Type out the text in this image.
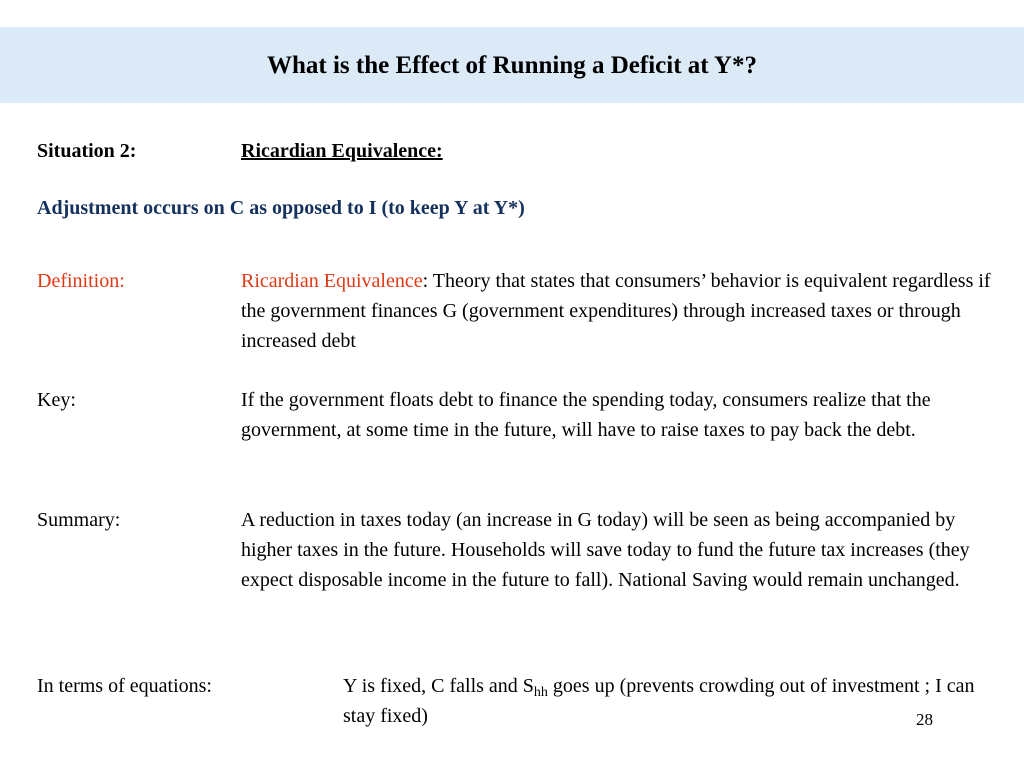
What is the Effect of Running a Deficit at Y*?
Situation 2:	Ricardian Equivalence:
Adjustment occurs on C as opposed to I (to keep Y at Y*)
Definition:	Ricardian Equivalence: Theory that states that consumers’ behavior is equivalent regardless if the government finances G (government expenditures) through increased taxes or through increased debt
Key:	If the government floats debt to finance the spending today, consumers realize that the government, at some time in the future, will have to raise taxes to pay back the debt.
Summary:	A reduction in taxes today (an increase in G today) will be seen as being accompanied by higher taxes in the future. Households will save today to fund the future tax increases (they expect disposable income in the future to fall). National Saving would remain unchanged.
In terms of equations:	Y is fixed, C falls and $S_{hh}$ goes up (prevents crowding out of investment ; I can stay fixed)	28
